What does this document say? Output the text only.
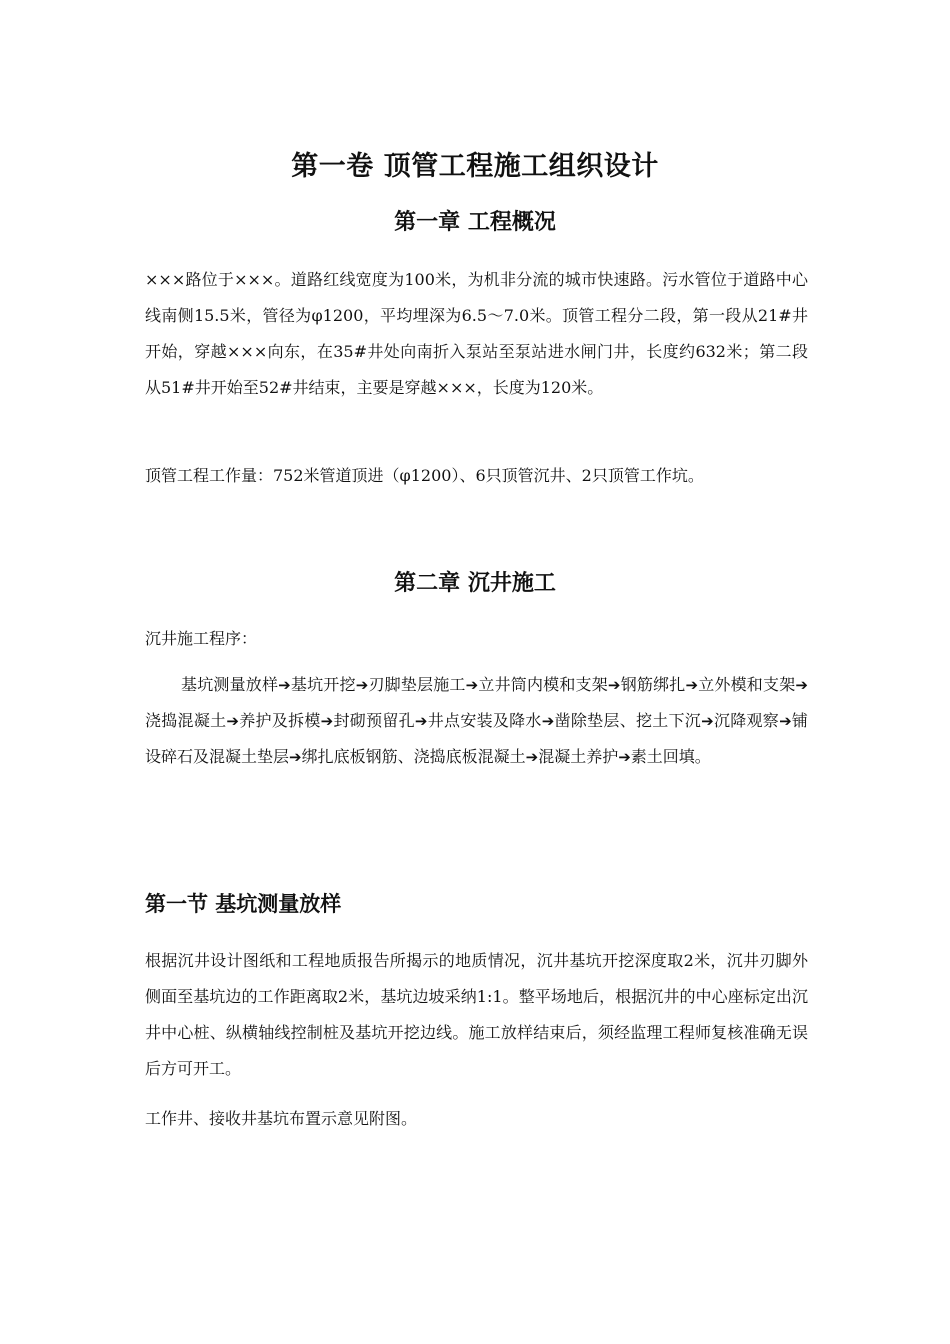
第一卷 顶管工程施工组织设计
第一章 工程概况

×××路位于×××。道路红线宽度为100米，为机非分流的城市快速路。污水管位于道路中心线南侧15.5米，管径为φ1200，平均埋深为6.5～7.0米。顶管工程分二段，第一段从21#井开始，穿越×××向东，在35#井处向南折入泵站至泵站进水闸门井，长度约632米；第二段从51#井开始至52#井结束，主要是穿越×××，长度为120米。

顶管工程工作量：752米管道顶进（φ1200）、6只顶管沉井、2只顶管工作坑。

第二章 沉井施工

沉井施工程序：

基坑测量放样➔基坑开挖➔刃脚垫层施工➔立井筒内模和支架➔钢筋绑扎➔立外模和支架➔浇捣混凝土➔养护及拆模➔封砌预留孔➔井点安装及降水➔凿除垫层、挖土下沉➔沉降观察➔铺设碎石及混凝土垫层➔绑扎底板钢筋、浇捣底板混凝土➔混凝土养护➔素土回填。

第一节 基坑测量放样

根据沉井设计图纸和工程地质报告所揭示的地质情况，沉井基坑开挖深度取2米，沉井刃脚外侧面至基坑边的工作距离取2米，基坑边坡采纳1:1。整平场地后，根据沉井的中心座标定出沉井中心桩、纵横轴线控制桩及基坑开挖边线。施工放样结束后，须经监理工程师复核准确无误后方可开工。

工作井、接收井基坑布置示意见附图。
